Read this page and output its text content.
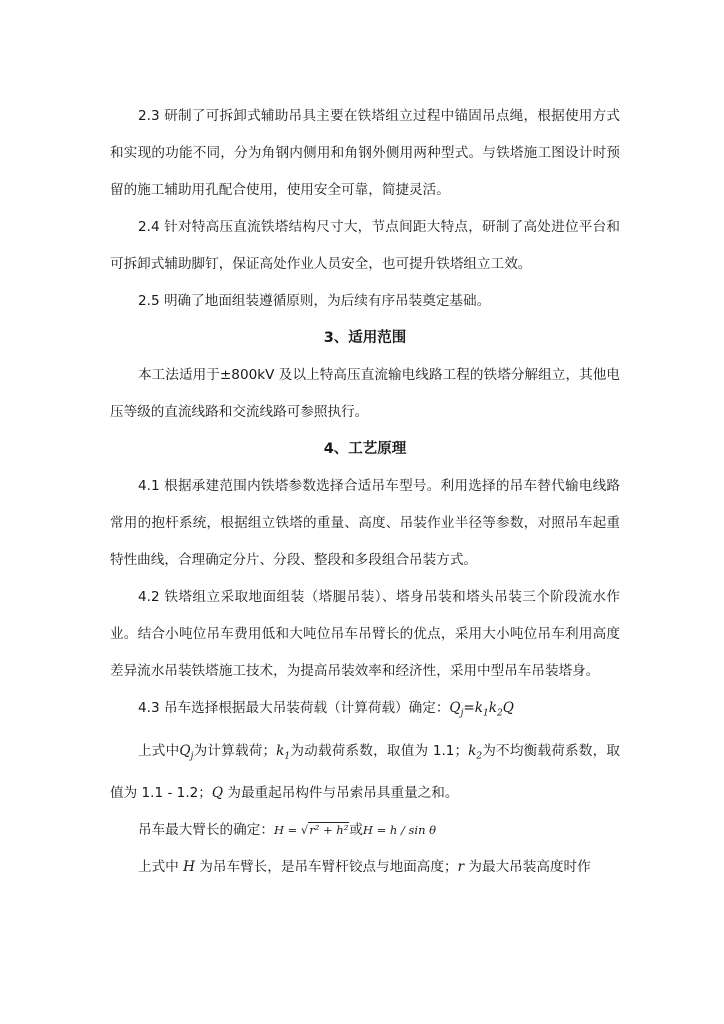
2.3 研制了可拆卸式辅助吊具主要在铁塔组立过程中锚固吊点绳，根据使用方式和实现的功能不同，分为角钢内侧用和角钢外侧用两种型式。与铁塔施工图设计时预留的施工辅助用孔配合使用，使用安全可靠，简捷灵活。

2.4 针对特高压直流铁塔结构尺寸大，节点间距大特点，研制了高处进位平台和可拆卸式辅助脚钉，保证高处作业人员安全，也可提升铁塔组立工效。

2.5 明确了地面组装遵循原则，为后续有序吊装奠定基础。

3、适用范围

本工法适用于±800kV 及以上特高压直流输电线路工程的铁塔分解组立，其他电压等级的直流线路和交流线路可参照执行。

4、工艺原理

4.1 根据承建范围内铁塔参数选择合适吊车型号。利用选择的吊车替代输电线路常用的抱杆系统，根据组立铁塔的重量、高度、吊装作业半径等参数，对照吊车起重特性曲线，合理确定分片、分段、整段和多段组合吊装方式。

4.2 铁塔组立采取地面组装（塔腿吊装）、塔身吊装和塔头吊装三个阶段流水作业。结合小吨位吊车费用低和大吨位吊车吊臂长的优点，采用大小吨位吊车利用高度差异流水吊装铁塔施工技术，为提高吊装效率和经济性，采用中型吊车吊装塔身。

4.3 吊车选择根据最大吊装荷载（计算荷载）确定：$Q_j=k_1k_2Q$

上式中$Q_j$为计算载荷；$k_1$为动载荷系数，取值为 1.1；$k_2$为不均衡载荷系数，取值为 1.1 - 1.2；Q 为最重起吊构件与吊索吊具重量之和。

吊车最大臂长的确定：H = √r² + h²或H = h / sin θ

上式中 H 为吊车臂长，是吊车臂杆铰点与地面高度；r 为最大吊装高度时作
